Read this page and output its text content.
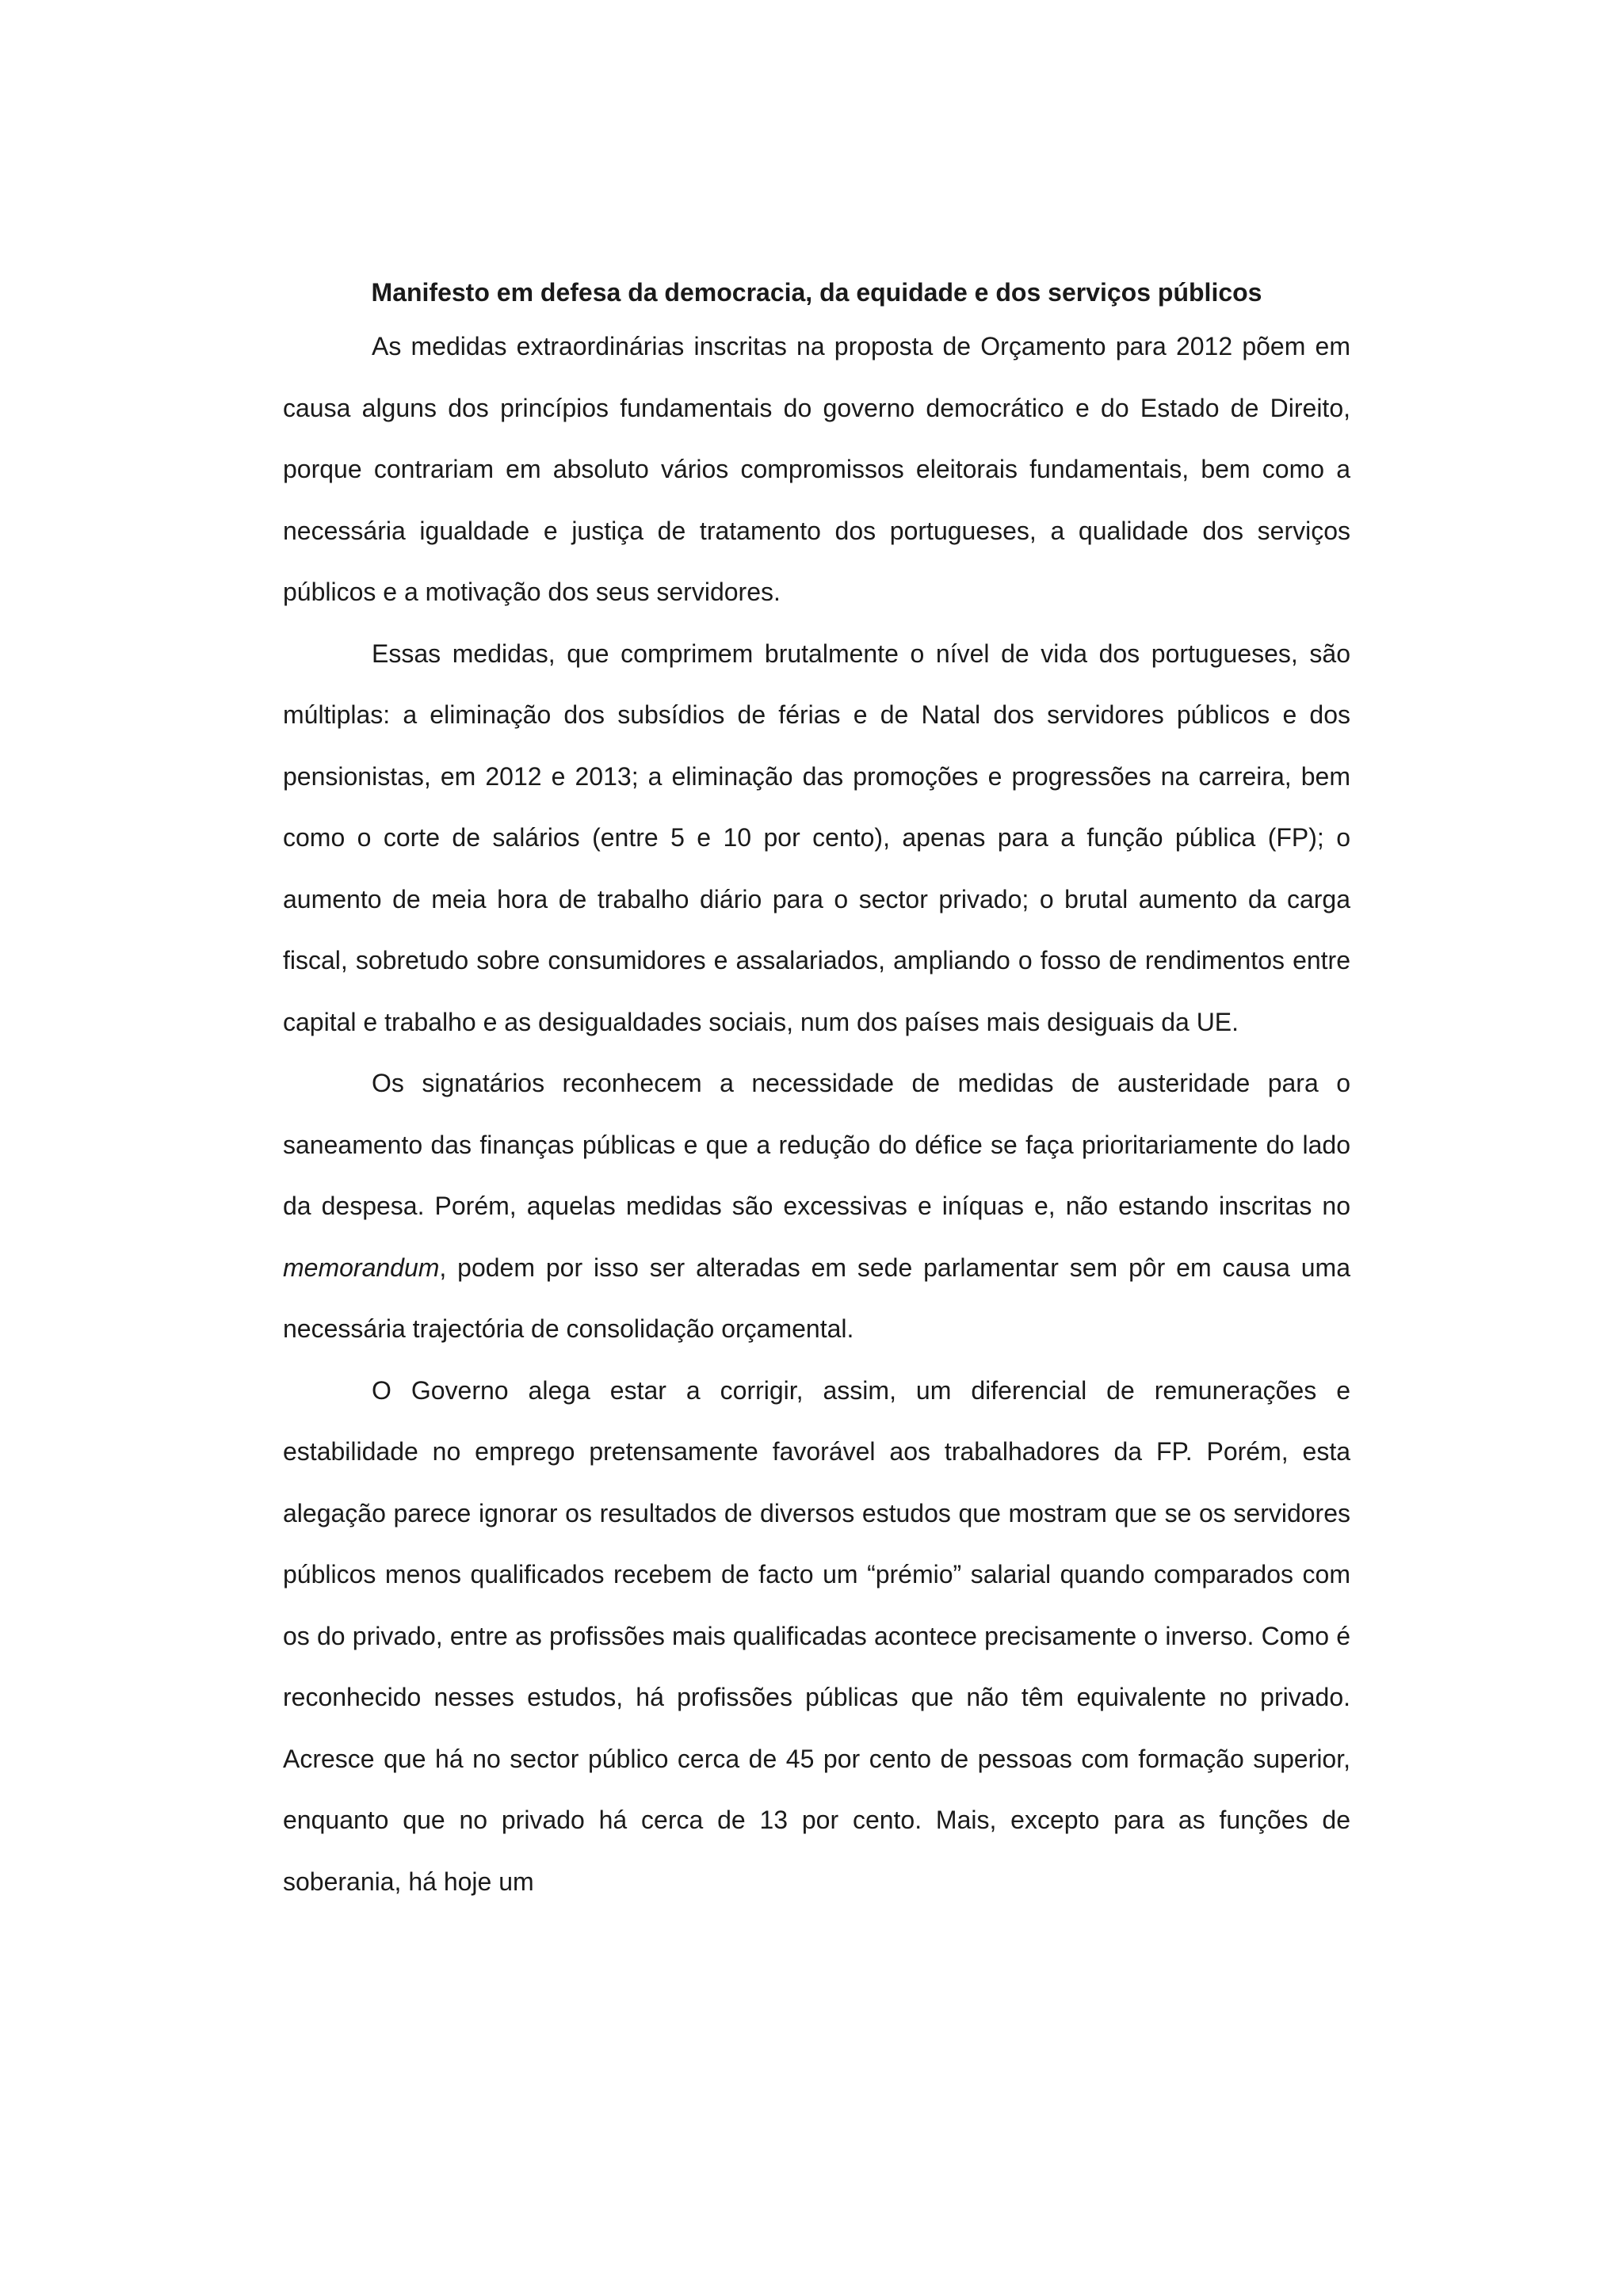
Manifesto em defesa da democracia, da equidade e dos serviços públicos

As medidas extraordinárias inscritas na proposta de Orçamento para 2012 põem em causa alguns dos princípios fundamentais do governo democrático e do Estado de Direito, porque contrariam em absoluto vários compromissos eleitorais fundamentais, bem como a necessária igualdade e justiça de tratamento dos portugueses, a qualidade dos serviços públicos e a motivação dos seus servidores.

Essas medidas, que comprimem brutalmente o nível de vida dos portugueses, são múltiplas: a eliminação dos subsídios de férias e de Natal dos servidores públicos e dos pensionistas, em 2012 e 2013; a eliminação das promoções e progressões na carreira, bem como o corte de salários (entre 5 e 10 por cento), apenas para a função pública (FP); o aumento de meia hora de trabalho diário para o sector privado; o brutal aumento da carga fiscal, sobretudo sobre consumidores e assalariados, ampliando o fosso de rendimentos entre capital e trabalho e as desigualdades sociais, num dos países mais desiguais da UE.

Os signatários reconhecem a necessidade de medidas de austeridade para o saneamento das finanças públicas e que a redução do défice se faça prioritariamente do lado da despesa. Porém, aquelas medidas são excessivas e iníquas e, não estando inscritas no memorandum, podem por isso ser alteradas em sede parlamentar sem pôr em causa uma necessária trajectória de consolidação orçamental.

O Governo alega estar a corrigir, assim, um diferencial de remunerações e estabilidade no emprego pretensamente favorável aos trabalhadores da FP. Porém, esta alegação parece ignorar os resultados de diversos estudos que mostram que se os servidores públicos menos qualificados recebem de facto um “prémio” salarial quando comparados com os do privado, entre as profissões mais qualificadas acontece precisamente o inverso. Como é reconhecido nesses estudos, há profissões públicas que não têm equivalente no privado. Acresce que há no sector público cerca de 45 por cento de pessoas com formação superior, enquanto que no privado há cerca de 13 por cento. Mais, excepto para as funções de soberania, há hoje um
